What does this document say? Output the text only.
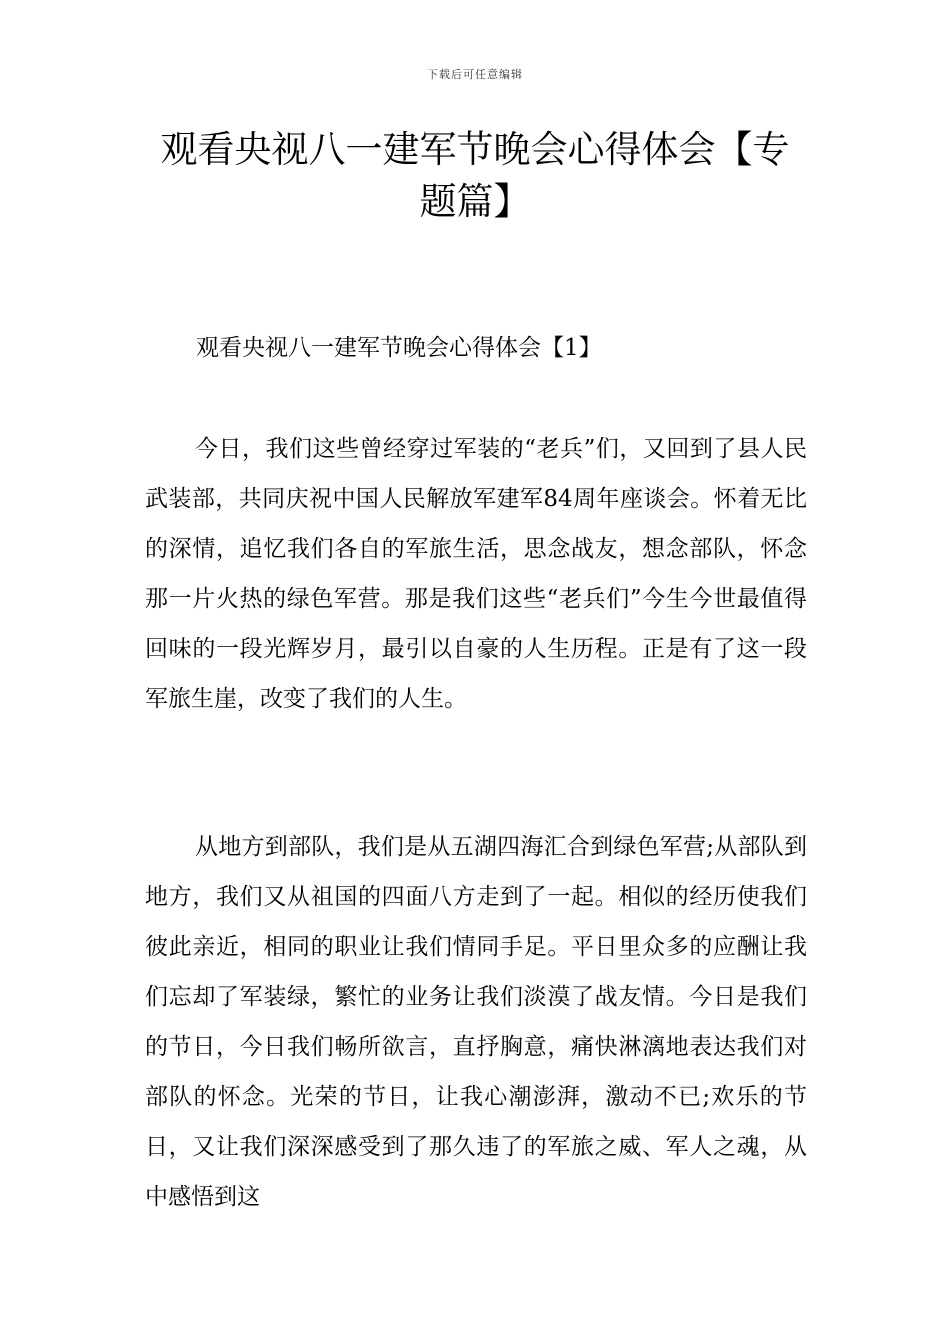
下载后可任意编辑
观看央视八一建军节晚会心得体会【专题篇】
观看央视八一建军节晚会心得体会【1】

今日，我们这些曾经穿过军装的“老兵”们，又回到了县人民武装部，共同庆祝中国人民解放军建军84周年座谈会。怀着无比的深情，追忆我们各自的军旅生活，思念战友，想念部队，怀念那一片火热的绿色军营。那是我们这些“老兵们”今生今世最值得回味的一段光辉岁月，最引以自豪的人生历程。正是有了这一段军旅生崖，改变了我们的人生。

从地方到部队，我们是从五湖四海汇合到绿色军营;从部队到地方，我们又从祖国的四面八方走到了一起。相似的经历使我们彼此亲近，相同的职业让我们情同手足。平日里众多的应酬让我们忘却了军装绿，繁忙的业务让我们淡漠了战友情。今日是我们的节日，今日我们畅所欲言，直抒胸意，痛快淋漓地表达我们对部队的怀念。光荣的节日，让我心潮澎湃，激动不已;欢乐的节日，又让我们深深感受到了那久违了的军旅之威、军人之魂，从中感悟到这
